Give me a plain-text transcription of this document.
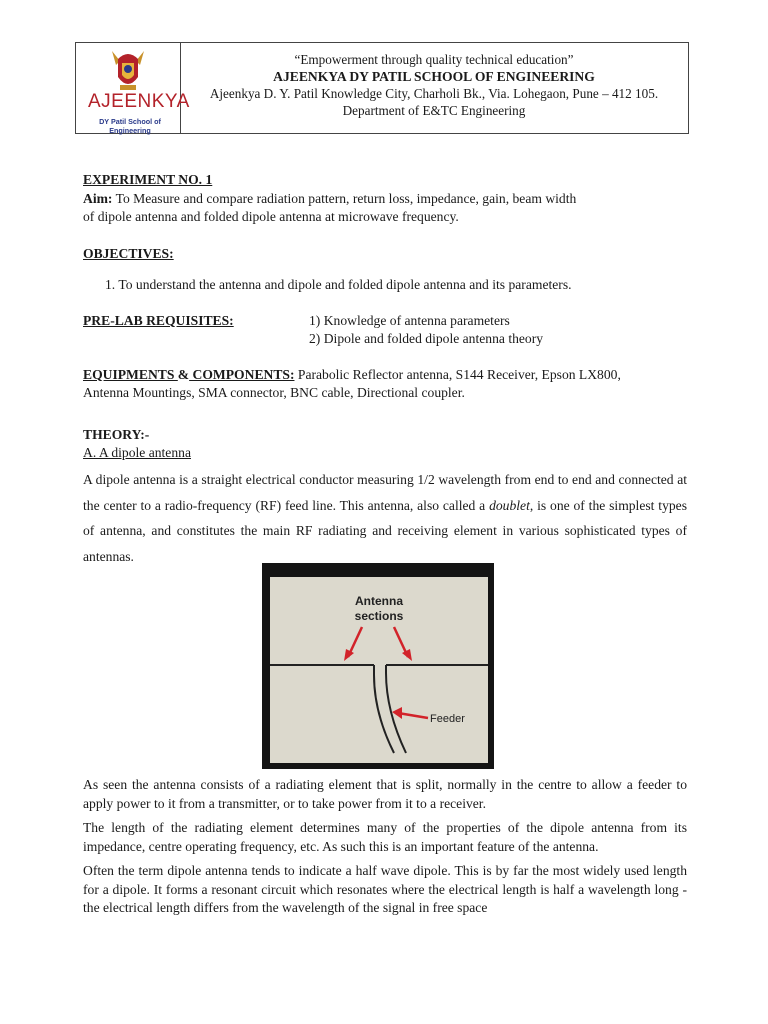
AJEENKYA
DY Patil School of Engineering
“Empowerment through quality technical education”
AJEENKYA DY PATIL SCHOOL OF ENGINEERING
Ajeenkya D. Y. Patil Knowledge City, Charholi Bk., Via. Lohegaon, Pune – 412 105.
Department of E&TC Engineering
EXPERIMENT NO. 1
Aim: To Measure and compare radiation pattern, return loss, impedance, gain, beam width
of dipole antenna and folded dipole antenna at microwave frequency.
OBJECTIVES:
1. To understand the antenna and dipole and folded dipole antenna and its parameters.
PRE-LAB REQUISITES:	1) Knowledge of antenna parameters
2) Dipole and folded dipole antenna theory
EQUIPMENTS & COMPONENTS: Parabolic Reflector antenna, S144 Receiver, Epson LX800,
Antenna Mountings, SMA connector, BNC cable, Directional coupler.
THEORY:-
A. A dipole antenna
A dipole antenna is a straight electrical conductor measuring 1/2 wavelength from end to end and connected at the center to a radio-frequency (RF) feed line. This antenna, also called a doublet, is one of the simplest types of antenna, and constitutes the main RF radiating and receiving element in various sophisticated types of antennas.
Antenna
sections
Feeder
As seen the antenna consists of a radiating element that is split, normally in the centre to allow a feeder to apply power to it from a transmitter, or to take power from it to a receiver.
The length of the radiating element determines many of the properties of the dipole antenna from its impedance, centre operating frequency, etc. As such this is an important feature of the antenna.
Often the term dipole antenna tends to indicate a half wave dipole. This is by far the most widely used length for a dipole. It forms a resonant circuit which resonates where the electrical length is half a wavelength long - the electrical length differs from the wavelength of the signal in free space
